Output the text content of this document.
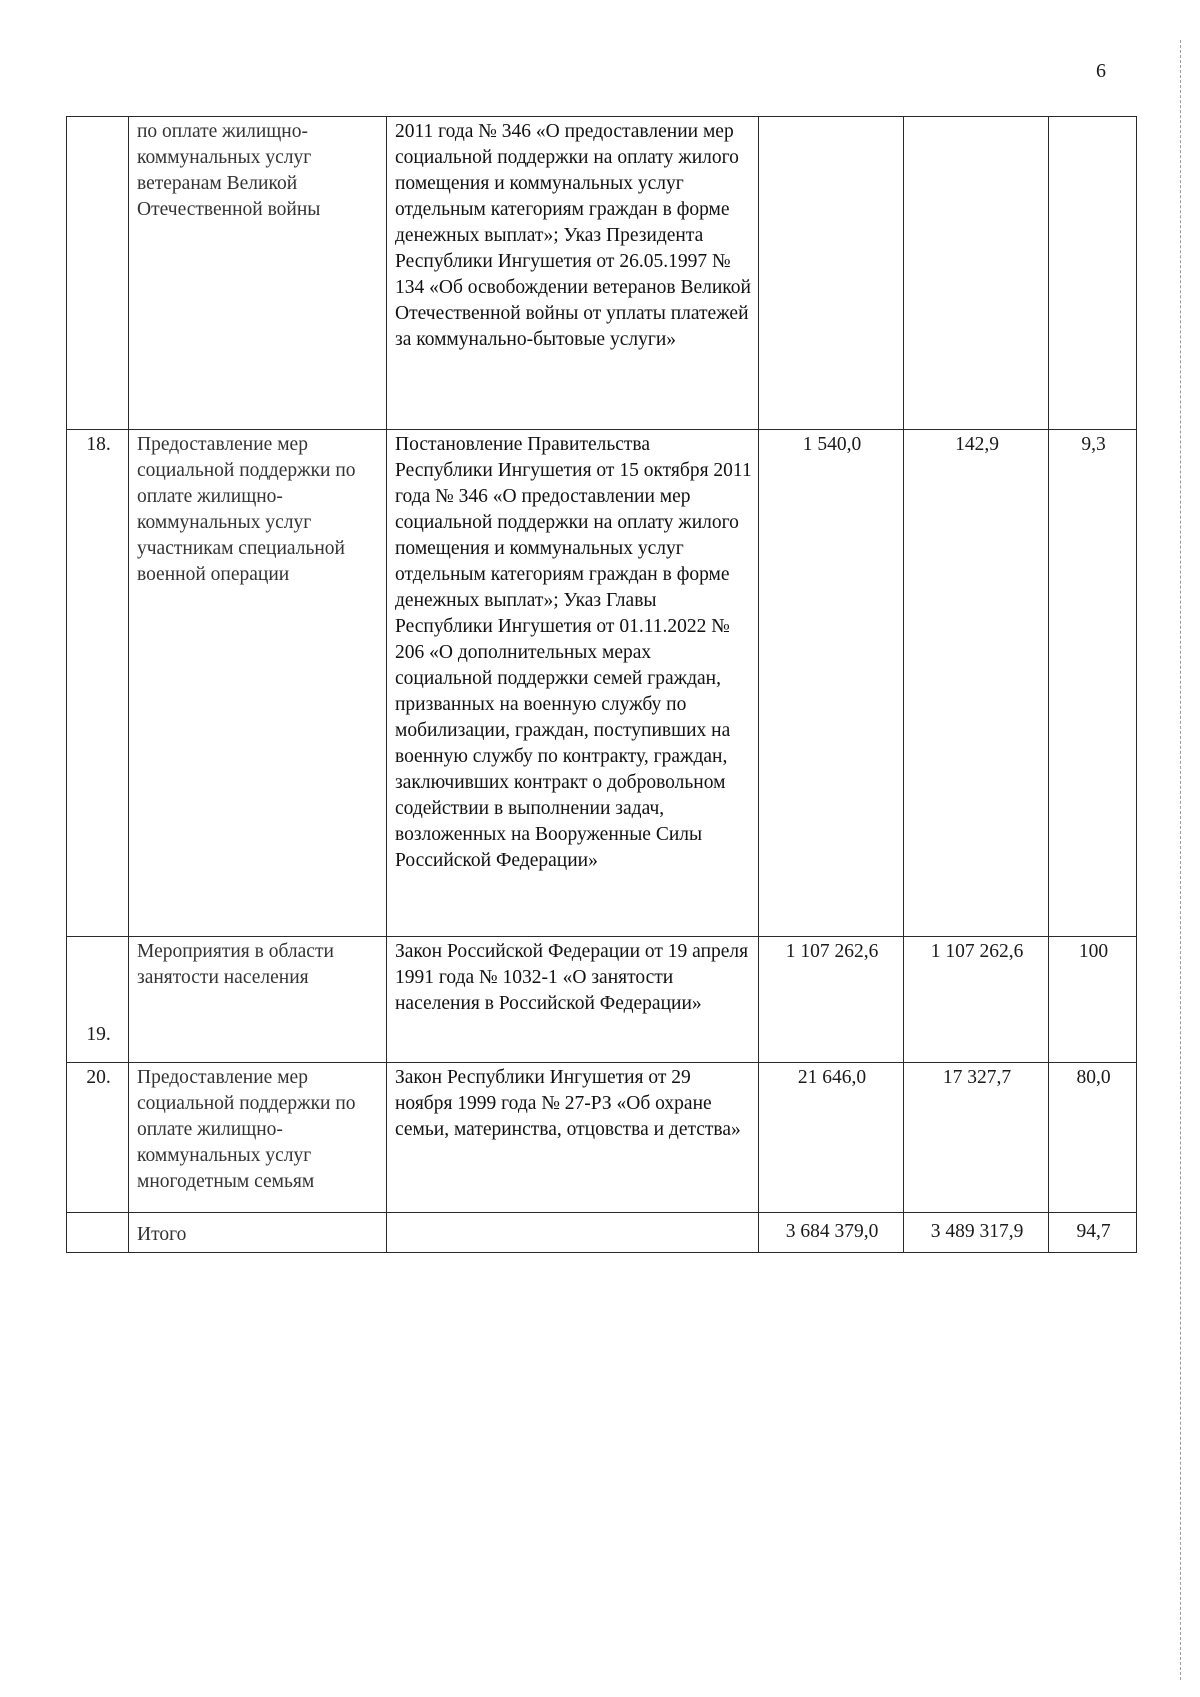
6
	по оплате жилищно-коммунальных услуг ветеранам Великой Отечественной войны	2011 года № 346 «О предоставлении мер социальной поддержки на оплату жилого помещения и коммунальных услуг отдельным категориям граждан в форме денежных выплат»; Указ Президента Республики Ингушетия от 26.05.1997 № 134 «Об освобождении ветеранов Великой Отечественной войны от уплаты платежей за коммунально-бытовые услуги»			
18.	Предоставление мер социальной поддержки по оплате жилищно-коммунальных услуг участникам специальной военной операции	Постановление Правительства Республики Ингушетия от 15 октября 2011 года № 346 «О предоставлении мер социальной поддержки на оплату жилого помещения и коммунальных услуг отдельным категориям граждан в форме денежных выплат»; Указ Главы Республики Ингушетия от 01.11.2022 № 206 «О дополнительных мерах социальной поддержки семей граждан, призванных на военную службу по мобилизации, граждан, поступивших на военную службу по контракту, граждан, заключивших контракт о добровольном содействии в выполнении задач, возложенных на Вооруженные Силы Российской Федерации»	1 540,0	142,9	9,3
19.	Мероприятия в области занятости населения	Закон Российской Федерации от 19 апреля 1991 года № 1032-1 «О занятости населения в Российской Федерации»	1 107 262,6	1 107 262,6	100
20.	Предоставление мер социальной поддержки по оплате жилищно-коммунальных услуг многодетным семьям	Закон Республики Ингушетия от 29 ноября 1999 года № 27-РЗ «Об охране семьи, материнства, отцовства и детства»	21 646,0	17 327,7	80,0
	Итого		3 684 379,0	3 489 317,9	94,7
